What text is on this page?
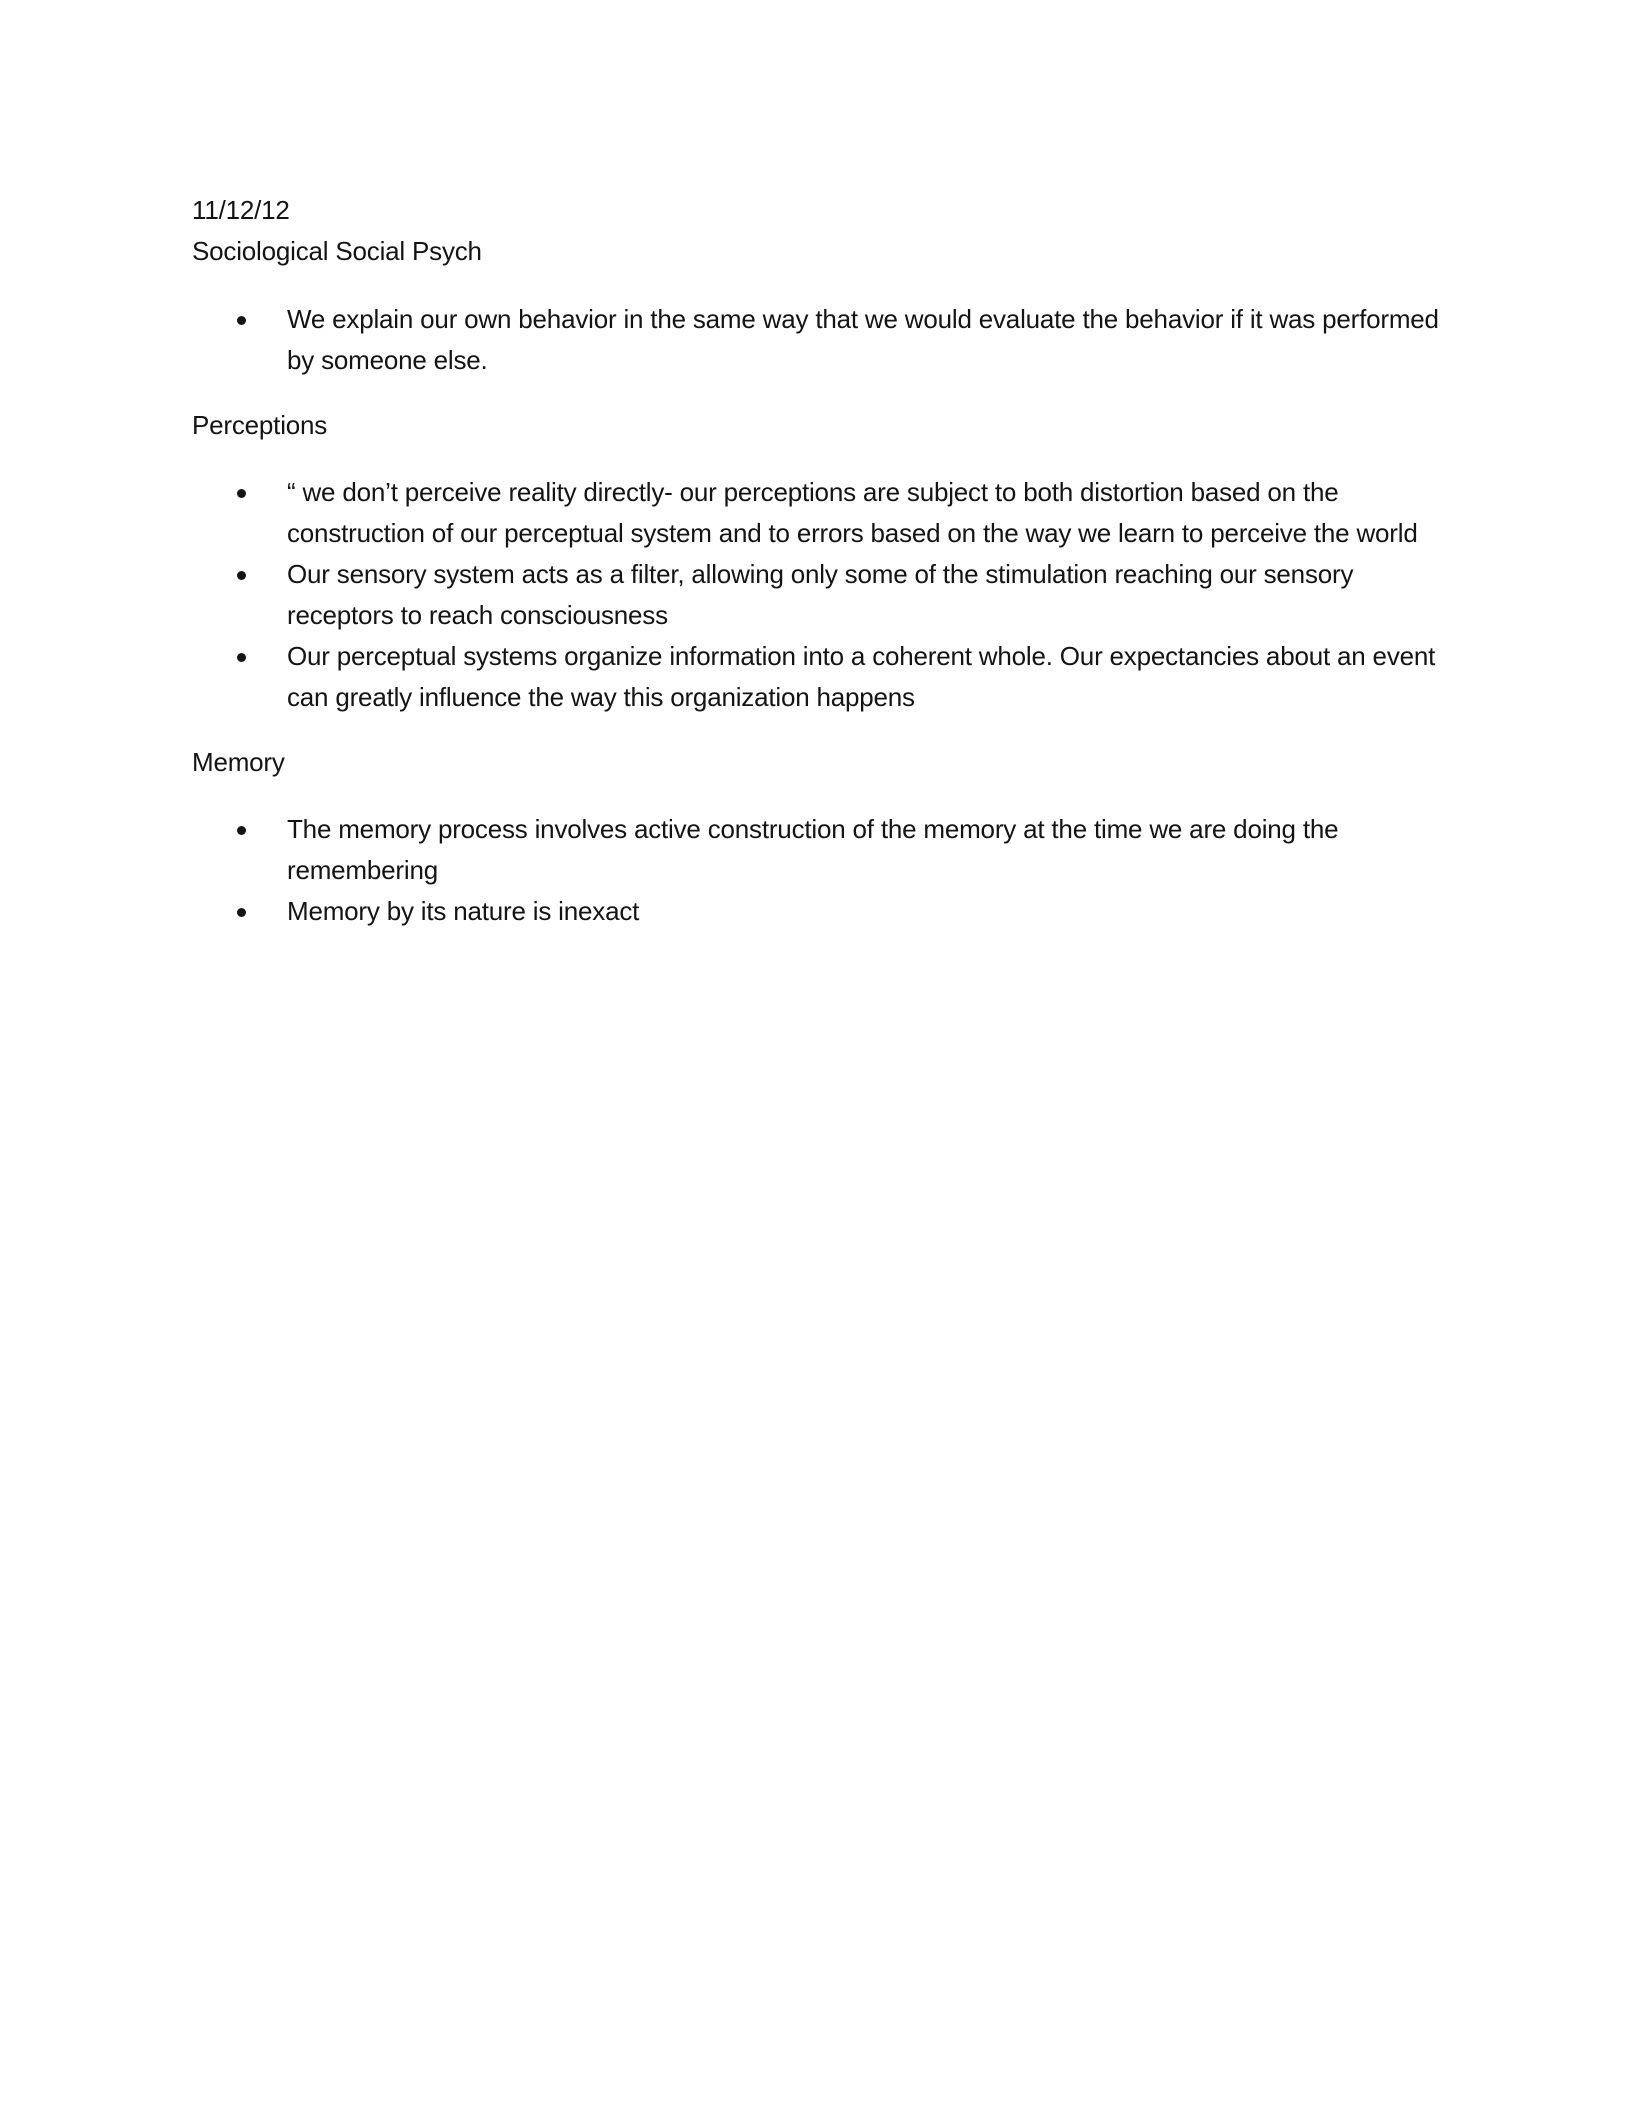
11/12/12

Sociological Social Psych

We explain our own behavior in the same way that we would evaluate the behavior if it was performed by someone else.

Perceptions

“ we don’t perceive reality directly- our perceptions are subject to both distortion based on the construction of our perceptual system and to errors based on the way we learn to perceive the world
Our sensory system acts as a filter, allowing only some of the stimulation reaching our sensory receptors to reach consciousness
Our perceptual systems organize information into a coherent whole. Our expectancies about an event can greatly influence the way this organization happens

Memory

The memory process involves active construction of the memory at the time we are doing the remembering
Memory by its nature is inexact
